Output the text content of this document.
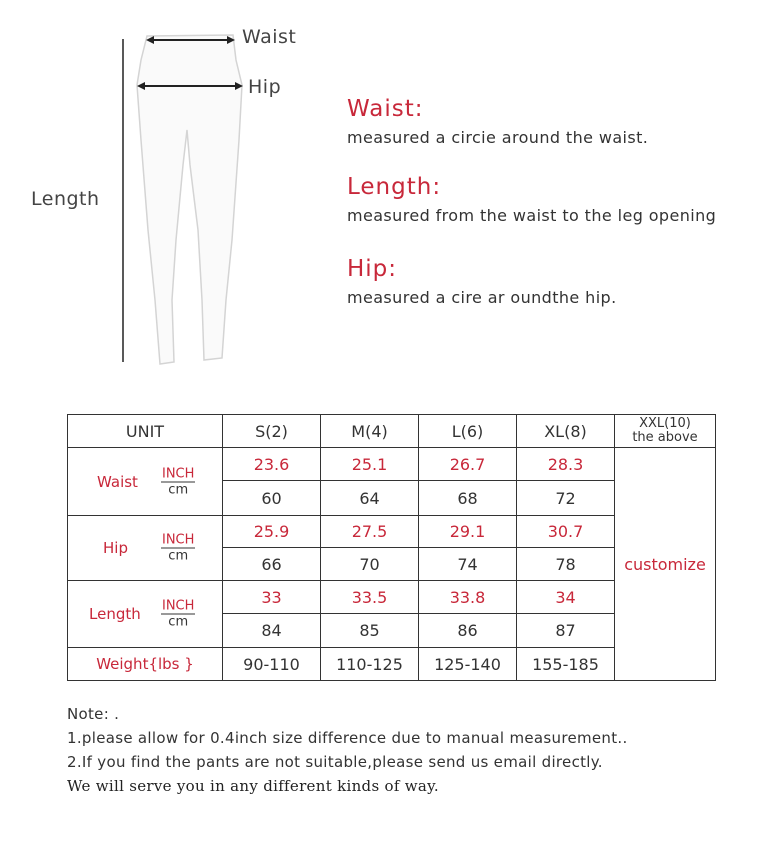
Waist
Hip
Length
Waist:
measured a circie around the waist.
Length:
measured from the waist to the leg opening
Hip:
measured a cire ar oundthe hip.
UNIT	S(2)	M(4)	L(6)	XL(8)	XXL(10)
the above

Waist INCH
cm	23.6	25.1	26.7	28.3	customize
	60	64	68	72	

Hip INCH
cm	25.9	27.5	29.1	30.7	
	66	70	74	78	

Length INCH
cm	33	33.5	33.8	34	
	84	85	86	87	
Weight{lbs }	90-110	110-125	125-140	155-185	
Note: .
1.please allow for 0.4inch size difference due to manual measurement..
2.If you find the pants are not suitable,please send us email directly.
We will serve you in any different kinds of way.
